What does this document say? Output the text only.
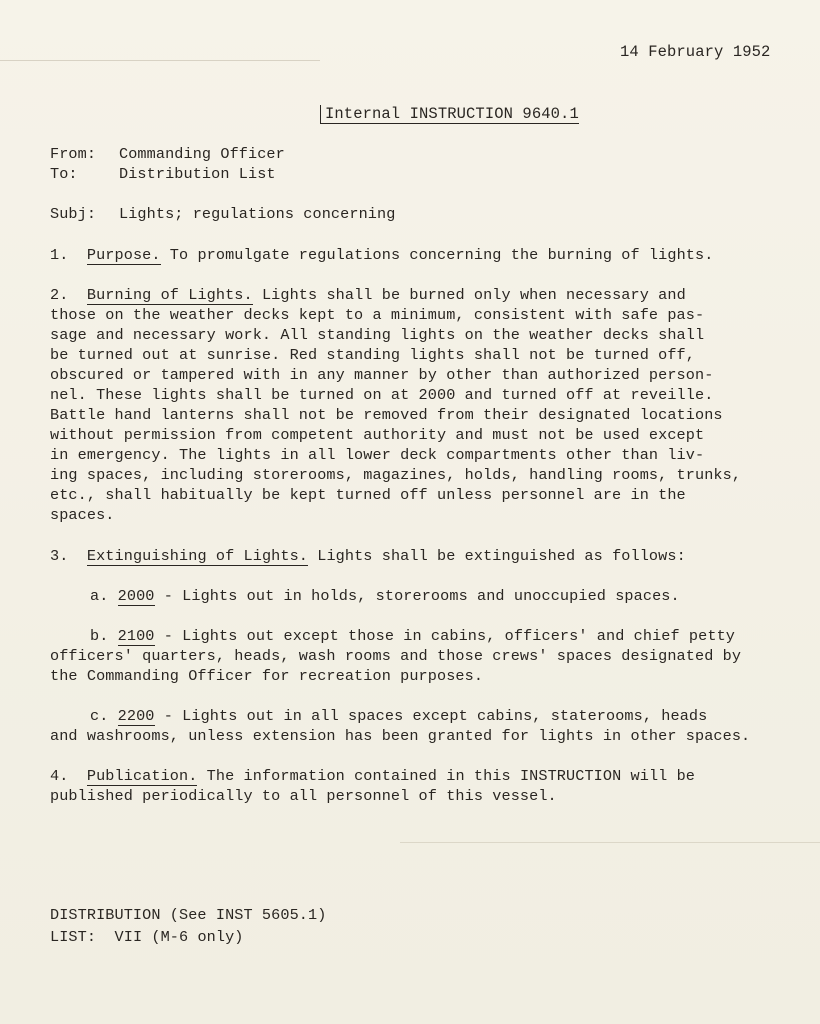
14 February 1952
Internal INSTRUCTION 9640.1
From: Commanding Officer
To:	Distribution List
Subj: Lights; regulations concerning
1. Purpose. To promulgate regulations concerning the burning of lights.
2. Burning of Lights. Lights shall be burned only when necessary and
those on the weather decks kept to a minimum, consistent with safe pas-
sage and necessary work. All standing lights on the weather decks shall
be turned out at sunrise. Red standing lights shall not be turned off,
obscured or tampered with in any manner by other than authorized person-
nel. These lights shall be turned on at 2000 and turned off at reveille.
Battle hand lanterns shall not be removed from their designated locations
without permission from competent authority and must not be used except
in emergency. The lights in all lower deck compartments other than liv-
ing spaces, including storerooms, magazines, holds, handling rooms, trunks,
etc., shall habitually be kept turned off unless personnel are in the
spaces.
3. Extinguishing of Lights. Lights shall be extinguished as follows:
a. 2000 - Lights out in holds, storerooms and unoccupied spaces.
b. 2100 - Lights out except those in cabins, officers' and chief petty
officers' quarters, heads, wash rooms and those crews' spaces designated by
the Commanding Officer for recreation purposes.
c. 2200 - Lights out in all spaces except cabins, staterooms, heads
and washrooms, unless extension has been granted for lights in other spaces.
4. Publication. The information contained in this INSTRUCTION will be
published periodically to all personnel of this vessel.
DISTRIBUTION (See INST 5605.1)
LIST: VII (M-6 only)
